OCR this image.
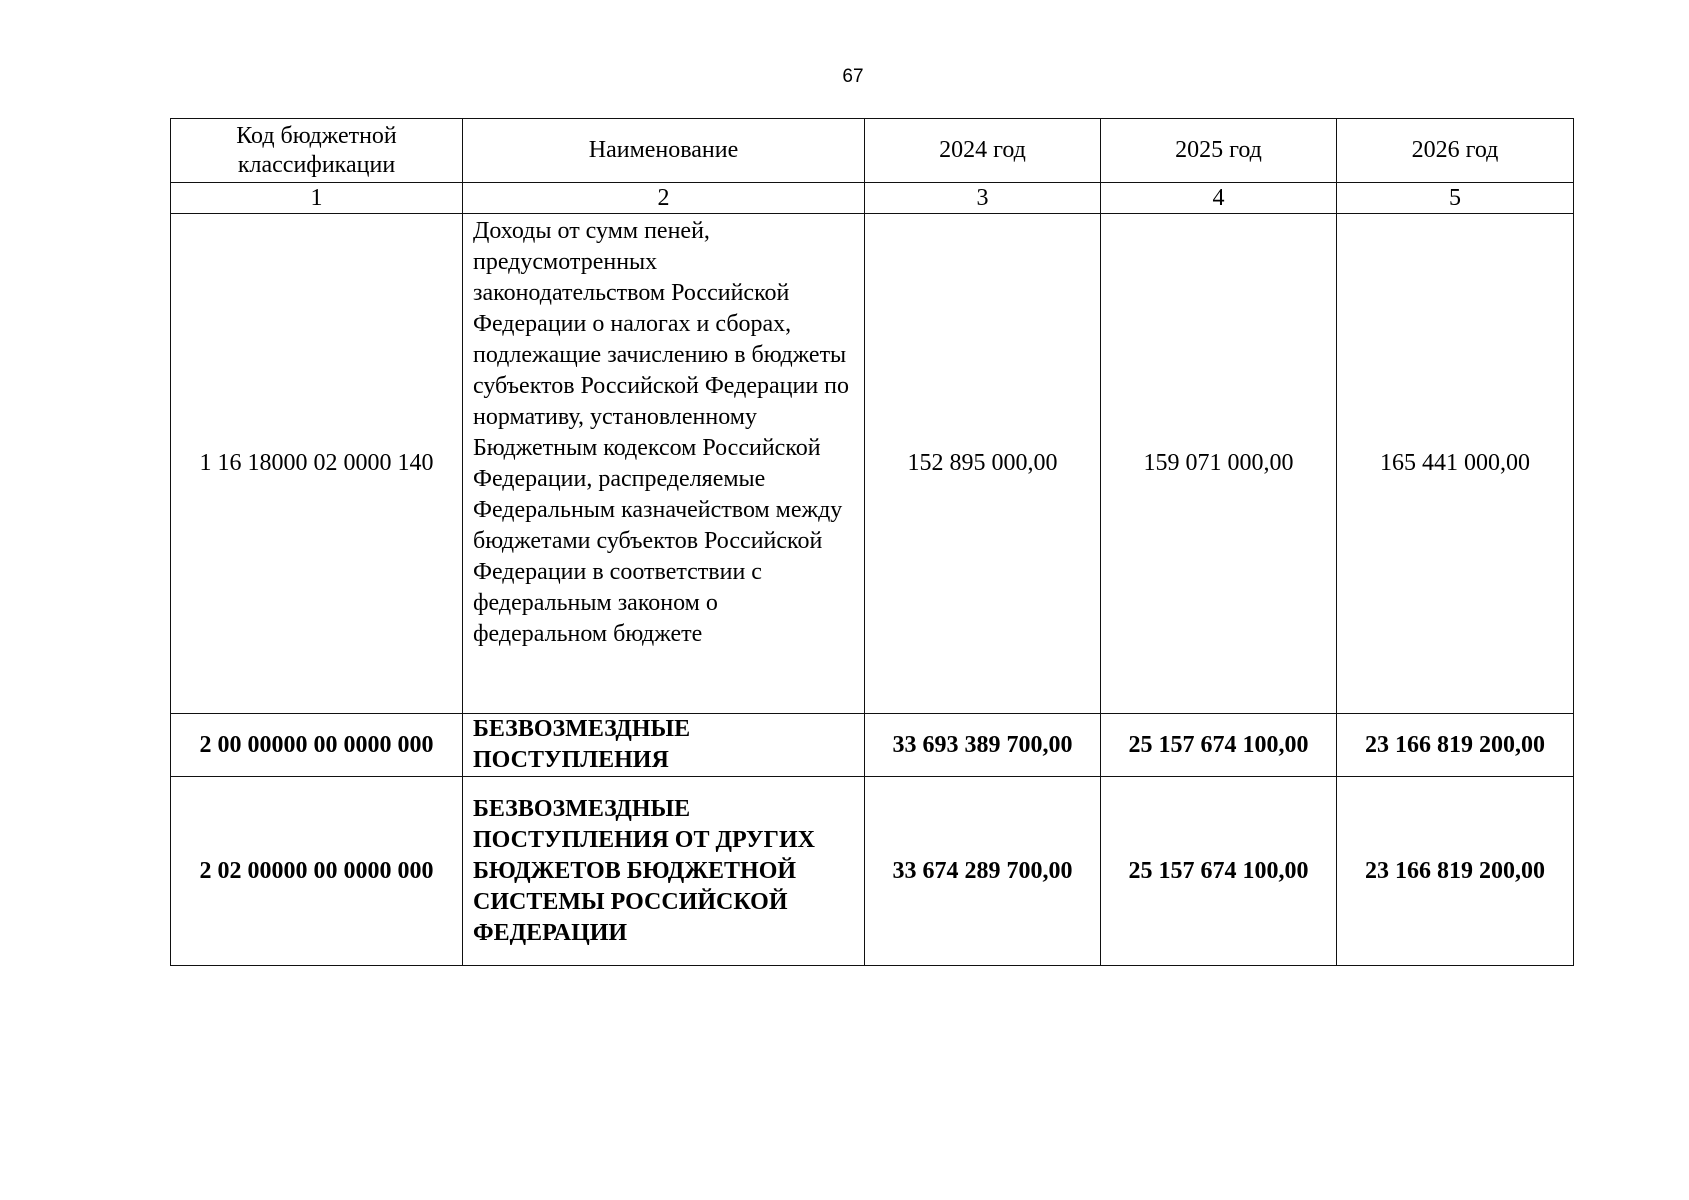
67
Код бюджетной классификации	Наименование	2024 год	2025 год	2026 год
1	2	3	4	5
1 16 18000 02 0000 140	Доходы от сумм пеней, предусмотренных законодательством Российской Федерации о налогах и сборах, подлежащие зачислению в бюджеты субъектов Российской Федерации по нормативу, установленному Бюджетным кодексом Российской Федерации, распределяемые Федеральным казначейством между бюджетами субъектов Российской Федерации в соответствии с федеральным законом о федеральном бюджете	152 895 000,00	159 071 000,00	165 441 000,00
2 00 00000 00 0000 000	БЕЗВОЗМЕЗДНЫЕ ПОСТУПЛЕНИЯ	33 693 389 700,00	25 157 674 100,00	23 166 819 200,00
2 02 00000 00 0000 000	БЕЗВОЗМЕЗДНЫЕ ПОСТУПЛЕНИЯ ОТ ДРУГИХ БЮДЖЕТОВ БЮДЖЕТНОЙ СИСТЕМЫ РОССИЙСКОЙ ФЕДЕРАЦИИ	33 674 289 700,00	25 157 674 100,00	23 166 819 200,00
